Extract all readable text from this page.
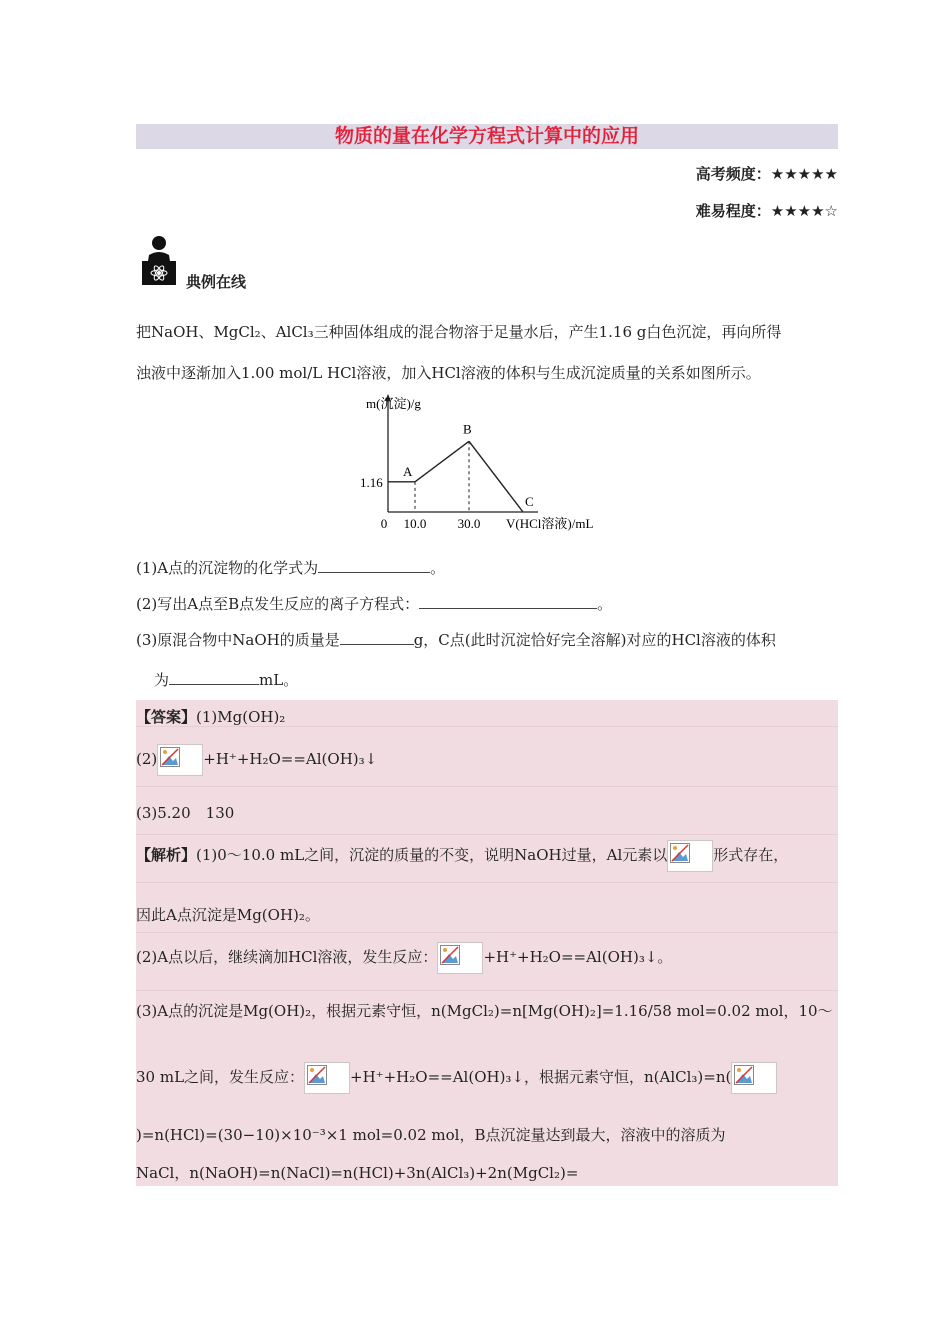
物质的量在化学方程式计算中的应用
高考频度：★★★★★
难易程度：★★★★☆
典例在线
把NaOH、MgCl₂、AlCl₃三种固体组成的混合物溶于足量水后，产生1.16 g白色沉淀，再向所得
浊液中逐渐加入1.00 mol/L HCl溶液，加入HCl溶液的体积与生成沉淀质量的关系如图所示。
m(沉淀)/g
V(HCl溶液)/mL
0
A
B
C
10.0 30.0
1.16
(1)A点的沉淀物的化学式为	。
(2)写出A点至B点发生反应的离子方程式：	。
(3)原混合物中NaOH的质量是	g，C点(此时沉淀恰好完全溶解)对应的HCl溶液的体积
为	mL。
【答案】(1)Mg(OH)₂
(2)	+H⁺+H₂O==Al(OH)₃↓
(3)5.20　130
【解析】(1)0～10.0 mL之间，沉淀的质量的不变，说明NaOH过量，Al元素以	形式存在，
因此A点沉淀是Mg(OH)₂。
(2)A点以后，继续滴加HCl溶液，发生反应：	+H⁺+H₂O==Al(OH)₃↓。
(3)A点的沉淀是Mg(OH)₂，根据元素守恒，n(MgCl₂)=n[Mg(OH)₂]=1.16/58 mol=0.02 mol，10～
30 mL之间，发生反应：	+H⁺+H₂O==Al(OH)₃↓，根据元素守恒，n(AlCl₃)=n(
)=n(HCl)=(30−10)×10⁻³×1 mol=0.02 mol，B点沉淀量达到最大，溶液中的溶质为
NaCl，n(NaOH)=n(NaCl)=n(HCl)+3n(AlCl₃)+2n(MgCl₂)=
